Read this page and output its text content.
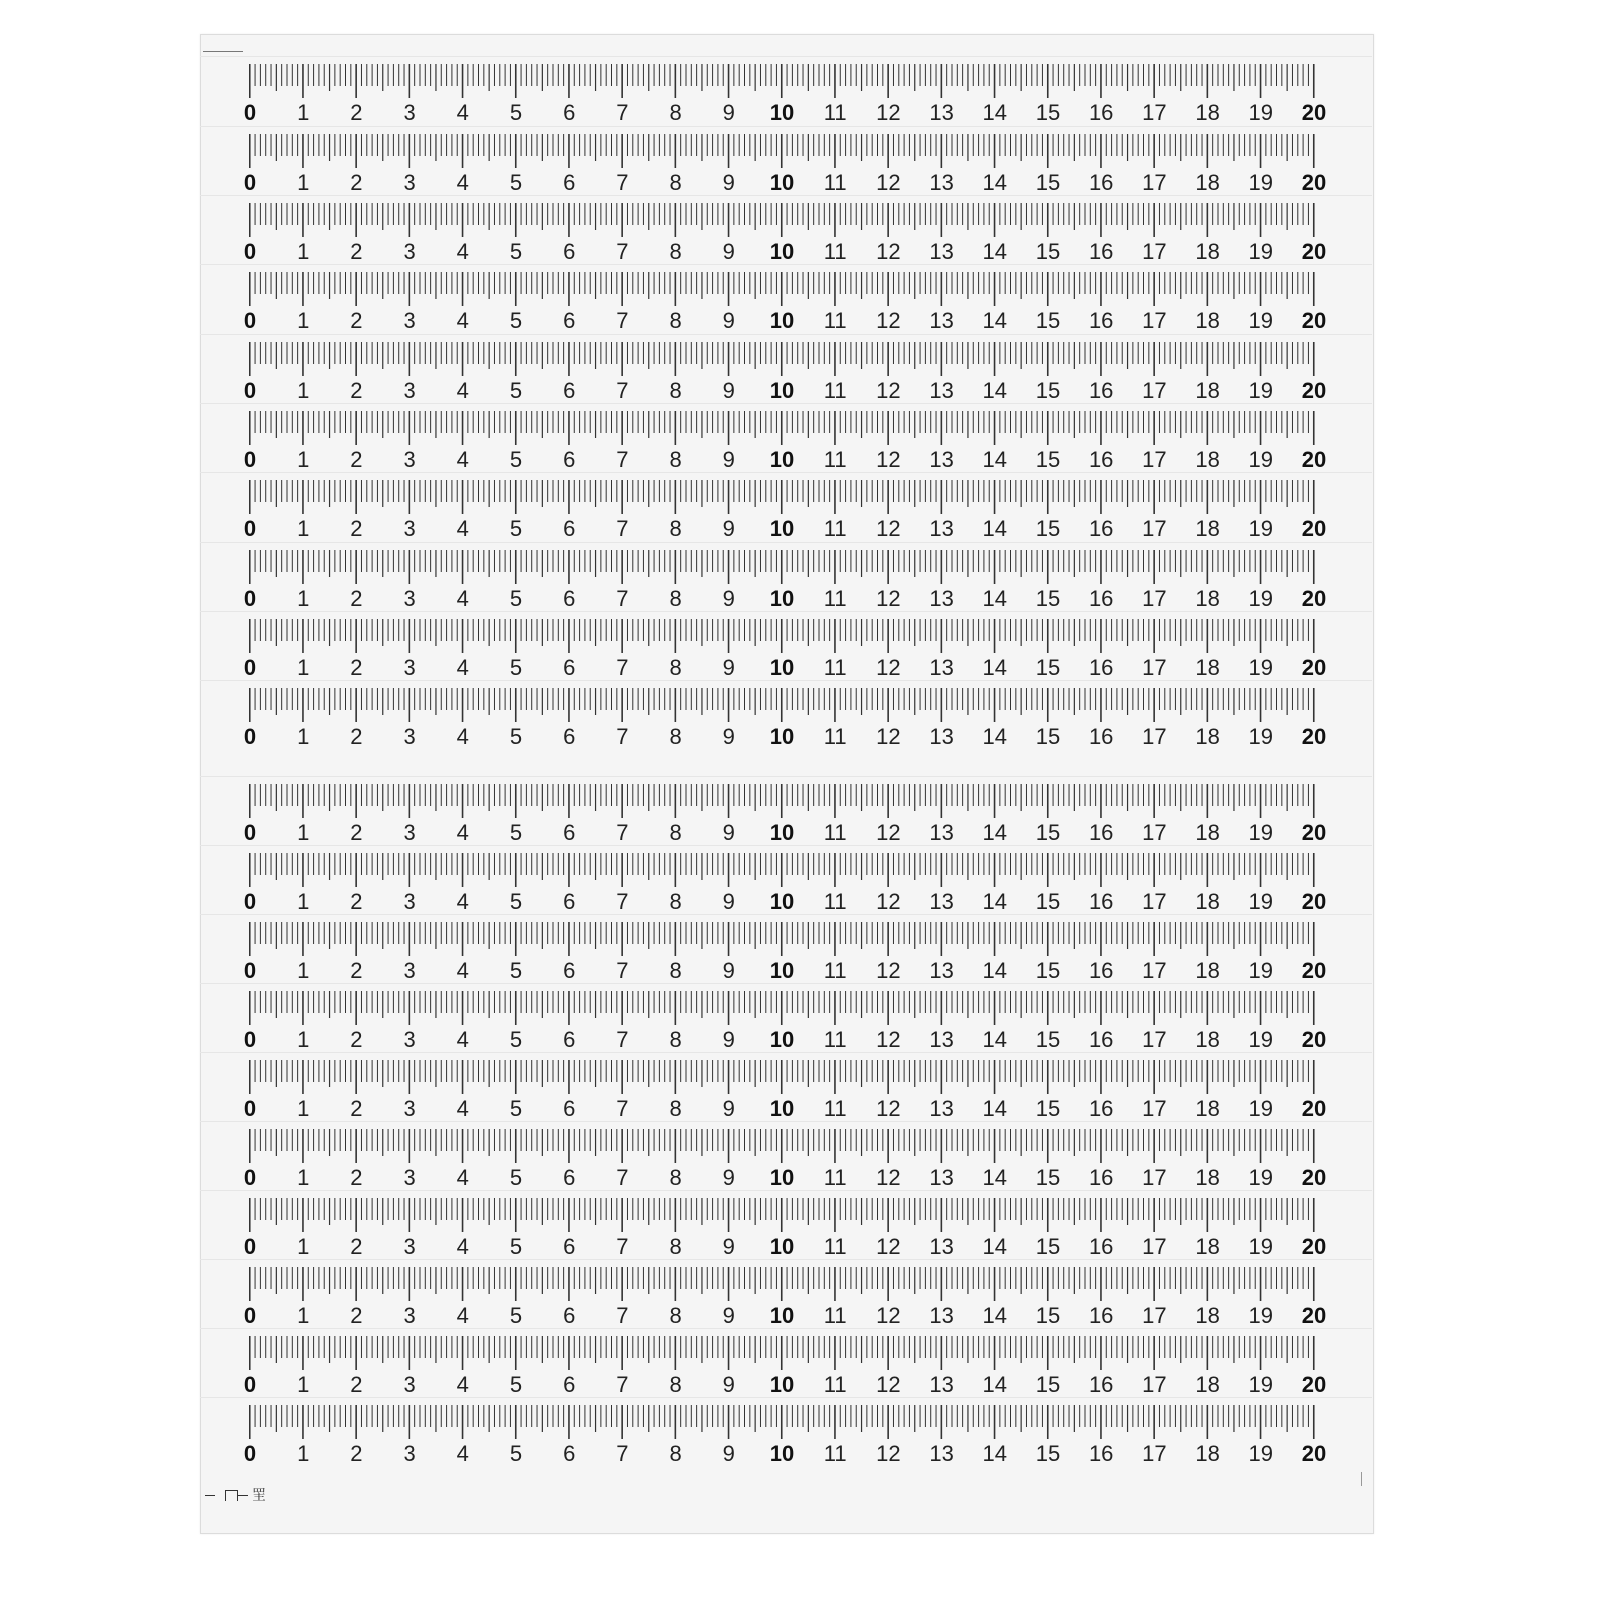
0 1 2 3 4 5 6 7 8 9 10 11 12 13 14 15 16 17 18 19 20
0 1 2 3 4 5 6 7 8 9 10 11 12 13 14 15 16 17 18 19 20
0 1 2 3 4 5 6 7 8 9 10 11 12 13 14 15 16 17 18 19 20
0 1 2 3 4 5 6 7 8 9 10 11 12 13 14 15 16 17 18 19 20
0 1 2 3 4 5 6 7 8 9 10 11 12 13 14 15 16 17 18 19 20
0 1 2 3 4 5 6 7 8 9 10 11 12 13 14 15 16 17 18 19 20
0 1 2 3 4 5 6 7 8 9 10 11 12 13 14 15 16 17 18 19 20
0 1 2 3 4 5 6 7 8 9 10 11 12 13 14 15 16 17 18 19 20
0 1 2 3 4 5 6 7 8 9 10 11 12 13 14 15 16 17 18 19 20
0 1 2 3 4 5 6 7 8 9 10 11 12 13 14 15 16 17 18 19 20
0 1 2 3 4 5 6 7 8 9 10 11 12 13 14 15 16 17 18 19 20
0 1 2 3 4 5 6 7 8 9 10 11 12 13 14 15 16 17 18 19 20
0 1 2 3 4 5 6 7 8 9 10 11 12 13 14 15 16 17 18 19 20
0 1 2 3 4 5 6 7 8 9 10 11 12 13 14 15 16 17 18 19 20
0 1 2 3 4 5 6 7 8 9 10 11 12 13 14 15 16 17 18 19 20
0 1 2 3 4 5 6 7 8 9 10 11 12 13 14 15 16 17 18 19 20
0 1 2 3 4 5 6 7 8 9 10 11 12 13 14 15 16 17 18 19 20
0 1 2 3 4 5 6 7 8 9 10 11 12 13 14 15 16 17 18 19 20
0 1 2 3 4 5 6 7 8 9 10 11 12 13 14 15 16 17 18 19 20
0 1 2 3 4 5 6 7 8 9 10 11 12 13 14 15 16 17 18 19 20
罜
